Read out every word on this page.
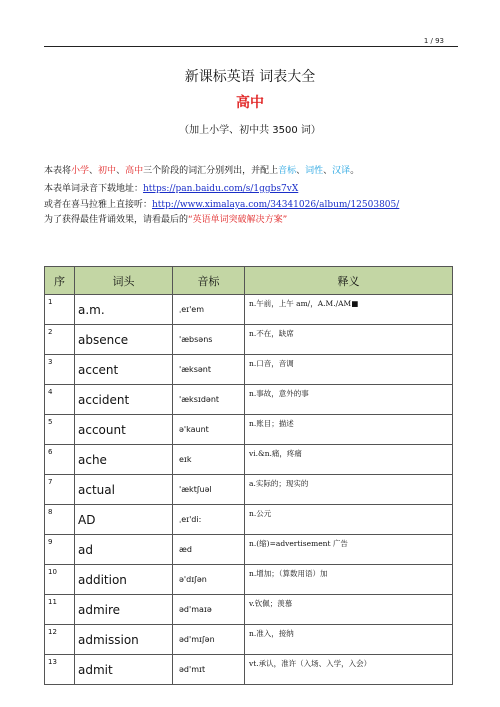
1 / 93
新课标英语 词表大全
高中
（加上小学、初中共 3500 词）
本表将小学、初中、高中三个阶段的词汇分别列出，并配上音标、词性、汉译。
本表单词录音下载地址：https://pan.baidu.com/s/1ggbs7vX
或者在喜马拉雅上直接听：http://www.ximalaya.com/34341026/album/12503805/
为了获得最佳背诵效果，请看最后的“英语单词突破解决方案”
序	词头	音标	释义
1	a.m.	ˌeɪ'em	n.午前，上午 am/，A.M./AM■
2	absence	'æbsəns	n.不在，缺席
3	accent	'æksənt	n.口音，音调
4	accident	'æksɪdənt	n.事故，意外的事
5	account	ə'kaunt	n.账目；描述
6	ache	eɪk	vi.&n.痛，疼痛
7	actual	'æktʃuəl	a.实际的；现实的
8	AD	ˌeɪ'di:	n.公元
9	ad	æd	n.(缩)=advertisement 广告
10	addition	ə'dɪʃən	n.增加；（算数用语）加
11	admire	əd'maɪə	v.钦佩；羡慕
12	admission	əd'mɪʃən	n.准入，接纳
13	admit	əd'mɪt	vt.承认，准许（入场、入学，入会）
